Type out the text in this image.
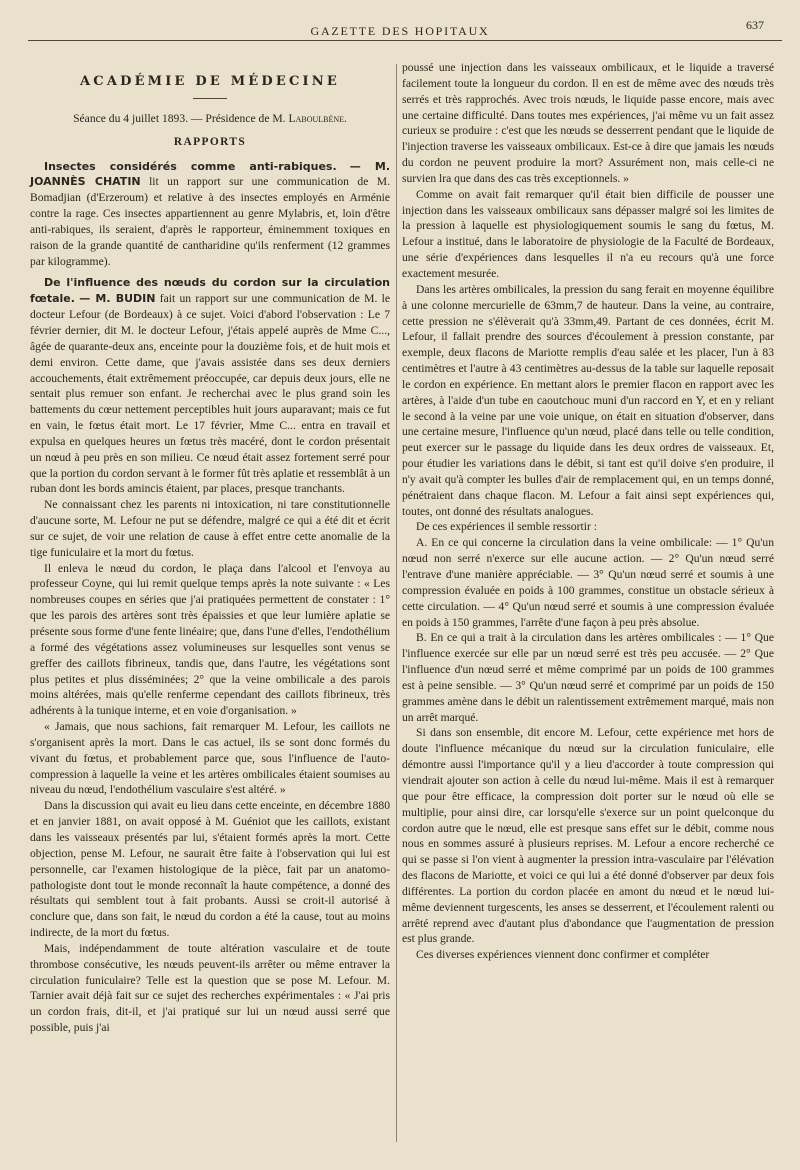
GAZETTE DES HOPITAUX	637
ACADÉMIE DE MÉDECINE

Séance du 4 juillet 1893. — Présidence de M. Laboulbène.

RAPPORTS

Insectes considérés comme anti-rabiques. — M. JOANNÈS CHATIN lit un rapport sur une communication de M. Bomadjian (d'Erzeroum) et relative à des insectes employés en Arménie contre la rage. Ces insectes appartiennent au genre Mylabris, et, loin d'être anti-rabiques, ils seraient, d'après le rapporteur, éminemment toxiques en raison de la grande quantité de cantharidine qu'ils renferment (12 grammes par kilogramme).

De l'influence des nœuds du cordon sur la circulation fœtale. — M. BUDIN fait un rapport sur une communication de M. le docteur Lefour (de Bordeaux) à ce sujet. Voici d'abord l'observation : Le 7 février dernier, dit M. le docteur Lefour, j'étais appelé auprès de Mme C..., âgée de quarante-deux ans, enceinte pour la douzième fois, et de huit mois et demi environ. Cette dame, que j'avais assistée dans ses deux derniers accouchements, était extrêmement préoccupée, car depuis deux jours, elle ne sentait plus remuer son enfant. Je recherchai avec le plus grand soin les battements du cœur nettement perceptibles huit jours auparavant; mais ce fut en vain, le fœtus était mort. Le 17 février, Mme C... entra en travail et expulsa en quelques heures un fœtus très macéré, dont le cordon présentait un nœud à peu près en son milieu. Ce nœud était assez fortement serré pour que la portion du cordon servant à le former fût très aplatie et ressemblât à un ruban dont les bords amincis étaient, par places, presque tranchants.

Ne connaissant chez les parents ni intoxication, ni tare constitutionnelle d'aucune sorte, M. Lefour ne put se défendre, malgré ce qui a été dit et écrit sur ce sujet, de voir une relation de cause à effet entre cette anomalie de la tige funiculaire et la mort du fœtus.

Il enleva le nœud du cordon, le plaça dans l'alcool et l'envoya au professeur Coyne, qui lui remit quelque temps après la note suivante : « Les nombreuses coupes en séries que j'ai pratiquées permettent de constater : 1° que les parois des artères sont très épaissies et que leur lumière aplatie se présente sous forme d'une fente linéaire; que, dans l'une d'elles, l'endothélium a formé des végétations assez volumineuses sur lesquelles sont venus se greffer des caillots fibrineux, tandis que, dans l'autre, les végétations sont plus petites et plus disséminées; 2° que la veine ombilicale a des parois moins altérées, mais qu'elle renferme cependant des caillots fibrineux, très adhérents à la tunique interne, et en voie d'organisation. »

« Jamais, que nous sachions, fait remarquer M. Lefour, les caillots ne s'organisent après la mort. Dans le cas actuel, ils se sont donc formés du vivant du fœtus, et probablement parce que, sous l'influence de l'auto-compression à laquelle la veine et les artères ombilicales étaient soumises au niveau du nœud, l'endothélium vasculaire s'est altéré. »

Dans la discussion qui avait eu lieu dans cette enceinte, en décembre 1880 et en janvier 1881, on avait opposé à M. Guéniot que les caillots, existant dans les vaisseaux présentés par lui, s'étaient formés après la mort. Cette objection, pense M. Lefour, ne saurait être faite à l'observation qui lui est personnelle, car l'examen histologique de la pièce, fait par un anatomo-pathologiste dont tout le monde reconnaît la haute compétence, a donné des résultats qui semblent tout à fait probants. Aussi se croit-il autorisé à conclure que, dans son fait, le nœud du cordon a été la cause, tout au moins indirecte, de la mort du fœtus.

Mais, indépendamment de toute altération vasculaire et de toute thrombose consécutive, les nœuds peuvent-ils arrêter ou même entraver la circulation funiculaire? Telle est la question que se pose M. Lefour. M. Tarnier avait déjà fait sur ce sujet des recherches expérimentales : « J'ai pris un cordon frais, dit-il, et j'ai pratiqué sur lui un nœud aussi serré que possible, puis j'ai

poussé une injection dans les vaisseaux ombilicaux, et le liquide a traversé facilement toute la longueur du cordon. Il en est de même avec des nœuds très serrés et très rapprochés. Avec trois nœuds, le liquide passe encore, mais avec une certaine difficulté. Dans toutes mes expériences, j'ai même vu un fait assez curieux se produire : c'est que les nœuds se desserrent pendant que le liquide de l'injection traverse les vaisseaux ombilicaux. Est-ce à dire que jamais les nœuds du cordon ne peuvent produire la mort? Assurément non, mais celle-ci ne survien lra que dans des cas très exceptionnels. »

Comme on avait fait remarquer qu'il était bien difficile de pousser une injection dans les vaisseaux ombilicaux sans dépasser malgré soi les limites de la pression à laquelle est physiologiquement soumis le sang du fœtus, M. Lefour a institué, dans le laboratoire de physiologie de la Faculté de Bordeaux, une série d'expériences dans lesquelles il n'a eu recours qu'à une force exactement mesurée.

Dans les artères ombilicales, la pression du sang ferait en moyenne équilibre à une colonne mercurielle de 63mm,7 de hauteur. Dans la veine, au contraire, cette pression ne s'élèverait qu'à 33mm,49. Partant de ces données, écrit M. Lefour, il fallait prendre des sources d'écoulement à pression constante, par exemple, deux flacons de Mariotte remplis d'eau salée et les placer, l'un à 83 centimètres et l'autre à 43 centimètres au-dessus de la table sur laquelle reposait le cordon en expérience. En mettant alors le premier flacon en rapport avec les artères, à l'aide d'un tube en caoutchouc muni d'un raccord en Y, et en y reliant le second à la veine par une voie unique, on était en situation d'observer, dans une certaine mesure, l'influence qu'un nœud, placé dans telle ou telle condition, peut exercer sur le passage du liquide dans les deux ordres de vaisseaux. Et, pour étudier les variations dans le débit, si tant est qu'il doive s'en produire, il n'y avait qu'à compter les bulles d'air de remplacement qui, en un temps donné, pénétraient dans chaque flacon. M. Lefour a fait ainsi sept expériences qui, toutes, ont donné des résultats analogues.

De ces expériences il semble ressortir :

A. En ce qui concerne la circulation dans la veine ombilicale: — 1° Qu'un nœud non serré n'exerce sur elle aucune action. — 2° Qu'un nœud serré l'entrave d'une manière appréciable. — 3° Qu'un nœud serré et soumis à une compression évaluée en poids à 100 grammes, constitue un obstacle sérieux à cette circulation. — 4° Qu'un nœud serré et soumis à une compression évaluée en poids à 150 grammes, l'arrête d'une façon à peu près absolue.

B. En ce qui a trait à la circulation dans les artères ombilicales : — 1° Que l'influence exercée sur elle par un nœud serré est très peu accusée. — 2° Que l'influence d'un nœud serré et même comprimé par un poids de 100 grammes est à peine sensible. — 3° Qu'un nœud serré et comprimé par un poids de 150 grammes amène dans le débit un ralentissement extrêmement marqué, mais non un arrêt marqué.

Si dans son ensemble, dit encore M. Lefour, cette expérience met hors de doute l'influence mécanique du nœud sur la circulation funiculaire, elle démontre aussi l'importance qu'il y a lieu d'accorder à toute compression qui viendrait ajouter son action à celle du nœud lui-même. Mais il est à remarquer que pour être efficace, la compression doit porter sur le nœud où elle se multiplie, pour ainsi dire, car lorsqu'elle s'exerce sur un point quelconque du cordon autre que le nœud, elle est presque sans effet sur le débit, comme nous nous en sommes assuré à plusieurs reprises. M. Lefour a encore recherché ce qui se passe si l'on vient à augmenter la pression intra-vasculaire par l'élévation des flacons de Mariotte, et voici ce qui lui a été donné d'observer par deux fois différentes. La portion du cordon placée en amont du nœud et le nœud lui-même deviennent turgescents, les anses se desserrent, et l'écoulement ralenti ou arrêté reprend avec d'autant plus d'abondance que l'augmentation de pression est plus grande.

Ces diverses expériences viennent donc confirmer et compléter
